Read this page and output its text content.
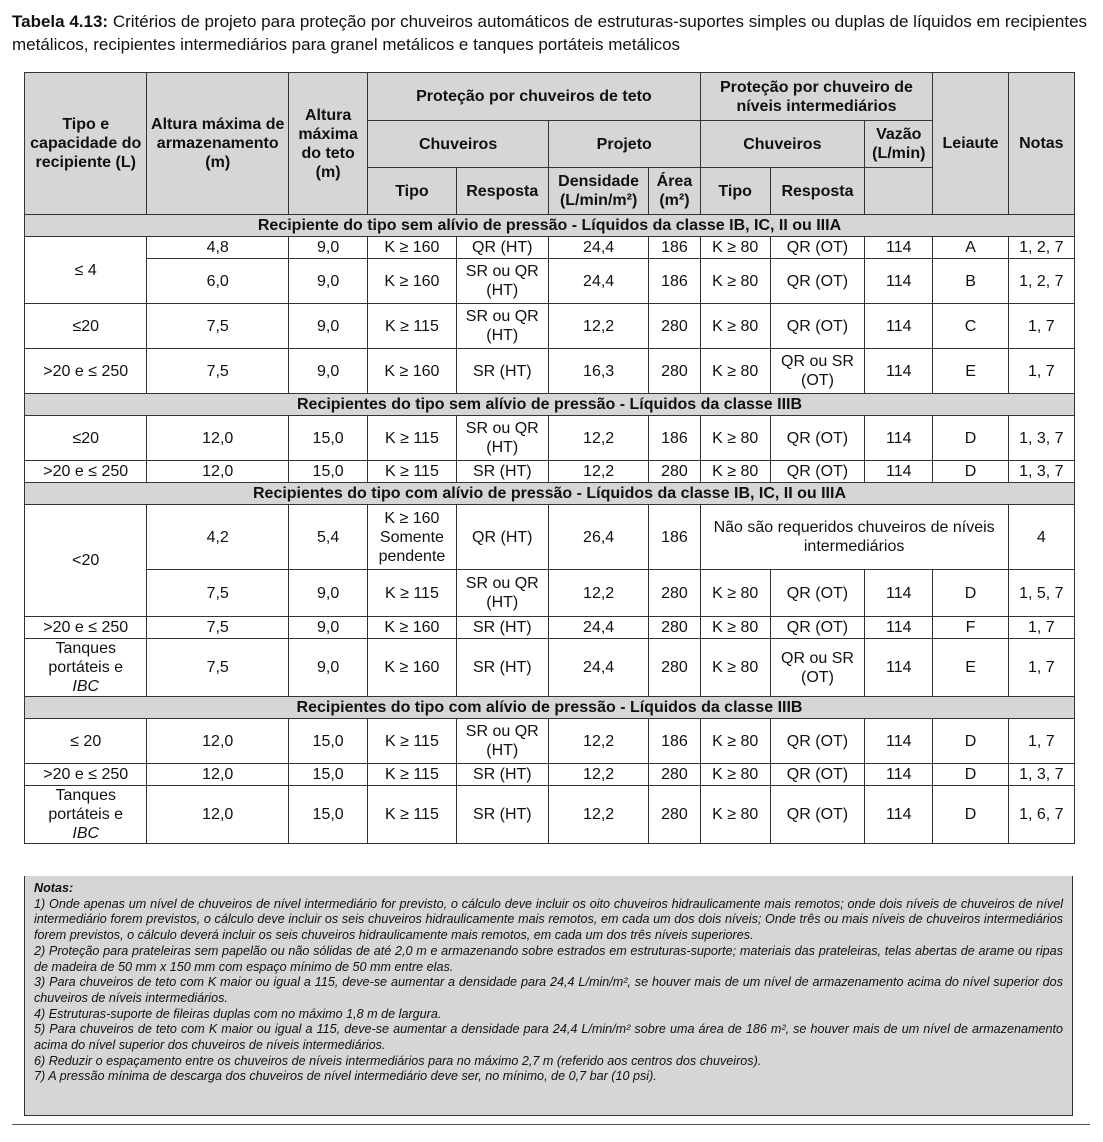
Tabela 4.13: Critérios de projeto para proteção por chuveiros automáticos de estruturas-suportes simples ou duplas de líquidos em recipientes metálicos, recipientes intermediários para granel metálicos e tanques portáteis metálicos
Tipo e capacidade do recipiente (L)	Altura máxima de armazenamento (m)	Altura máxima do teto (m)	Proteção por chuveiros de teto				Proteção por chuveiro de níveis intermediários			Leiaute	Notas
			Chuveiros		Projeto		Chuveiros		Vazão (L/min)		
			Tipo	Resposta	Densidade (L/min/m²)	Área (m²)	Tipo	Resposta			
Recipiente do tipo sem alívio de pressão - Líquidos da classe IB, IC, II ou IIIA											
≤ 4	4,8	9,0	K ≥ 160	QR (HT)	24,4	186	K ≥ 80	QR (OT)	114	A	1, 2, 7
	6,0	9,0	K ≥ 160	SR ou QR (HT)	24,4	186	K ≥ 80	QR (OT)	114	B	1, 2, 7
≤20	7,5	9,0	K ≥ 115	SR ou QR (HT)	12,2	280	K ≥ 80	QR (OT)	114	C	1, 7
>20 e ≤ 250	7,5	9,0	K ≥ 160	SR (HT)	16,3	280	K ≥ 80	QR ou SR (OT)	114	E	1, 7
Recipientes do tipo sem alívio de pressão - Líquidos da classe IIIB											
≤20	12,0	15,0	K ≥ 115	SR ou QR (HT)	12,2	186	K ≥ 80	QR (OT)	114	D	1, 3, 7
>20 e ≤ 250	12,0	15,0	K ≥ 115	SR (HT)	12,2	280	K ≥ 80	QR (OT)	114	D	1, 3, 7
Recipientes do tipo com alívio de pressão - Líquidos da classe IB, IC, II ou IIIA											
<20	4,2	5,4	K ≥ 160 Somente pendente	QR (HT)	26,4	186	Não são requeridos chuveiros de níveis intermediários				4
	7,5	9,0	K ≥ 115	SR ou QR (HT)	12,2	280	K ≥ 80	QR (OT)	114	D	1, 5, 7
>20 e ≤ 250	7,5	9,0	K ≥ 160	SR (HT)	24,4	280	K ≥ 80	QR (OT)	114	F	1, 7
Tanques portáteis e
IBC	7,5	9,0	K ≥ 160	SR (HT)	24,4	280	K ≥ 80	QR ou SR (OT)	114	E	1, 7
Recipientes do tipo com alívio de pressão - Líquidos da classe IIIB											
≤ 20	12,0	15,0	K ≥ 115	SR ou QR (HT)	12,2	186	K ≥ 80	QR (OT)	114	D	1, 7
>20 e ≤ 250	12,0	15,0	K ≥ 115	SR (HT)	12,2	280	K ≥ 80	QR (OT)	114	D	1, 3, 7
Tanques portáteis e
IBC	12,0	15,0	K ≥ 115	SR (HT)	12,2	280	K ≥ 80	QR (OT)	114	D	1, 6, 7

Notas:

1) Onde apenas um nível de chuveiros de nível intermediário for previsto, o cálculo deve incluir os oito chuveiros hidraulicamente mais remotos; onde dois níveis de chuveiros de nível intermediário forem previstos, o cálculo deve incluir os seis chuveiros hidraulicamente mais remotos, em cada um dos dois níveis; Onde três ou mais níveis de chuveiros intermediários forem previstos, o cálculo deverá incluir os seis chuveiros hidraulicamente mais remotos, em cada um dos três níveis superiores.

2) Proteção para prateleiras sem papelão ou não sólidas de até 2,0 m e armazenando sobre estrados em estruturas-suporte; materiais das prateleiras, telas abertas de arame ou ripas de madeira de 50 mm x 150 mm com espaço mínimo de 50 mm entre elas.

3) Para chuveiros de teto com K maior ou igual a 115, deve-se aumentar a densidade para 24,4 L/min/m², se houver mais de um nível de armazenamento acima do nível superior dos chuveiros de níveis intermediários.

4) Estruturas-suporte de fileiras duplas com no máximo 1,8 m de largura.

5) Para chuveiros de teto com K maior ou igual a 115, deve-se aumentar a densidade para 24,4 L/min/m² sobre uma área de 186 m², se houver mais de um nível de armazenamento acima do nível superior dos chuveiros de níveis intermediários.

6) Reduzir o espaçamento entre os chuveiros de níveis intermediários para no máximo 2,7 m (referido aos centros dos chuveiros).

7) A pressão mínima de descarga dos chuveiros de nível intermediário deve ser, no mínimo, de 0,7 bar (10 psi).
